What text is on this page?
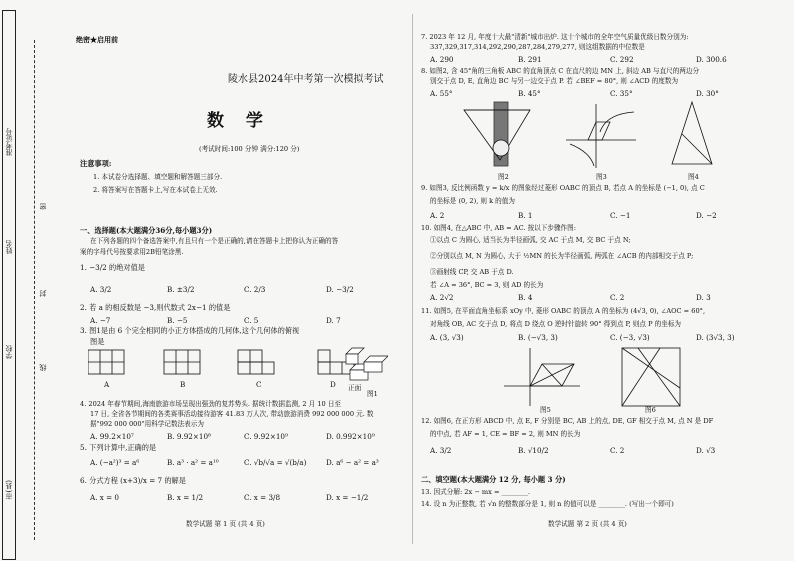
准考证号
姓名
学校
市(县)
密
封
线
绝密★启用前
陵水县2024年中考第一次模拟考试
数 学
(考试时间:100 分钟 满分:120 分)
注意事项:
1. 本试卷分选择题、填空题和解答题三部分.
2. 将答案写在答题卡上,写在本试卷上无效.
一、选择题(本大题满分36分,每小题3分)
在下列各题的四个备选答案中,有且只有一个是正确的,请在答题卡上把你认为正确的答
案的字母代号按要求用2B铅笔涂黑.
1. −3/2 的绝对值是
A. 3/2	B. ±3/2	C. 2/3	D. −3/2
2. 若 a 的相反数是 −3,则代数式 2x−1 的值是
A. −7	B. −5	C. 5	D. 7
3. 图1是由 6 个完全相同的小正方体搭成的几何体,这个几何体的俯视
图是
正面
图1
A	B	C	D
4. 2024 年春节期间,海南旅游市场呈现出强劲的复苏势头. 据统计数据监测, 2 月 10 日至
17 日, 全省各节期间的各类赛事活动接待游客 41.83 万人次, 带动旅游消费 992 000 000 元. 数
据"992 000 000"用科学记数法表示为
A. 99.2×10⁷	B. 9.92×10⁸	C. 9.92×10⁹	D. 0.992×10⁹
5. 下列计算中,正确的是
A. (−a²)³ = a⁶	B. a³ · a² = a¹⁰	C. √b/√a = √(b/a)	D. a⁶ − a² = a³
6. 分式方程 (x+3)/x = 7 的解是
A. x = 0	B. x = 1/2	C. x = 3/8	D. x = −1/2
数学试题 第 1 页 (共 4 页)
7. 2023 年 12 月, 年度十大最"清新"城市出炉. 这十个城市的全年空气质量优级日数分别为:
337,329,317,314,292,290,287,284,279,277, 则这组数据的中位数是
A. 290	B. 291	C. 292	D. 300.6
8. 如图2, 含 45°角的三角板 ABC 的直角顶点 C 在直尺的边 MN 上, 斜边 AB 与直尺的两边分
别交于点 D, E, 直角边 BC 与另一边交于点 P. 若 ∠BEF = 80°, 则 ∠ACD 的度数为
A. 55°	B. 45°	C. 35°	D. 30°
图2	图3	图4
9. 如图3, 反比例函数 y = k/x 的图象经过菱形 OABC 的顶点 B, 若点 A 的坐标是 (−1, 0), 点 C
的坐标是 (0, 2), 则 k 的值为
A. 2	B. 1	C. −1	D. −2
10. 如图4, 在△ABC 中, AB = AC. 按以下步骤作图:
①以点 C 为圆心, 适当长为半径画弧, 交 AC 于点 M, 交 BC 于点 N;
②分别以点 M, N 为圆心, 大于 ½MN 的长为半径画弧, 两弧在 ∠ACB 的内部相交于点 P;
③画射线 CP, 交 AB 于点 D.
若 ∠A = 36°, BC = 3, 则 AD 的长为
A. 2√2	B. 4	C. 2	D. 3
11. 如图5, 在平面直角坐标系 xOy 中, 菱形 OABC 的顶点 A 的坐标为 (4√3, 0), ∠AOC = 60°,
对角线 OB, AC 交于点 D, 将点 D 绕点 O 逆时针旋转 90° 得到点 P, 则点 P 的坐标为
A. (3, √3)	B. (−√3, 3)	C. (−3, √3)	D. (3√3, 3)
图5	图6
12. 如图6, 在正方形 ABCD 中, 点 E, F 分别是 BC, AB 上的点, DE, GF 相交于点 M, 点 N 是 DF
的中点, 若 AF = 1, CE = BF = 2, 则 MN 的长为
A. 3/2	B. √10/2	C. 2	D. √3
二、填空题(本大题满分 12 分, 每小题 3 分)
13. 因式分解: 2x − mx = ________.
14. 设 n 为正整数, 若 √n 的整数部分是 1, 则 n 的值可以是 ________. (写出一个即可)
数学试题 第 2 页 (共 4 页)
